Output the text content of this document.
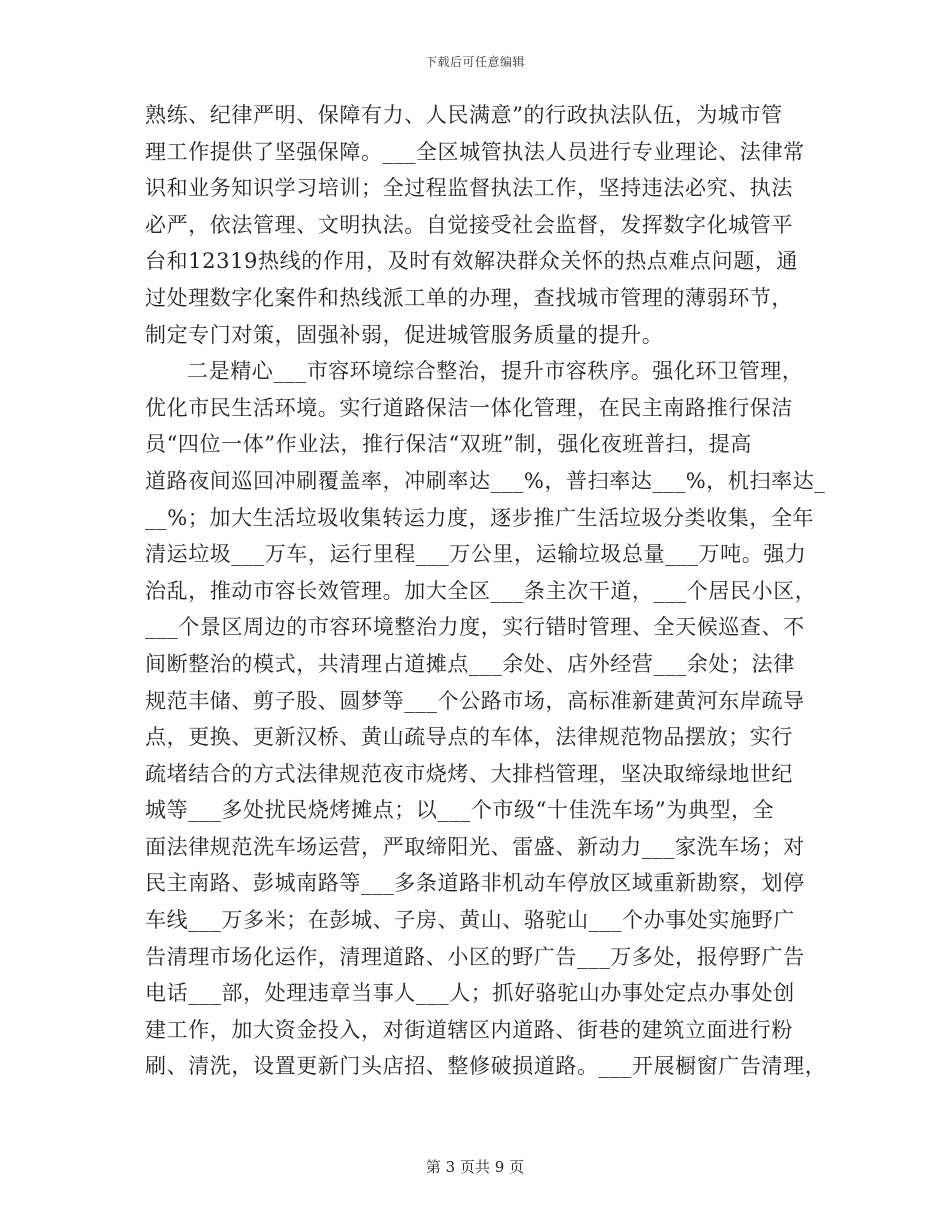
下载后可任意编辑
熟练、纪律严明、保障有力、人民满意”的行政执法队伍，为城市管
理工作提供了坚强保障。___全区城管执法人员进行专业理论、法律常
识和业务知识学习培训；全过程监督执法工作，坚持违法必究、执法
必严，依法管理、文明执法。自觉接受社会监督，发挥数字化城管平
台和12319热线的作用，及时有效解决群众关怀的热点难点问题，通
过处理数字化案件和热线派工单的办理，查找城市管理的薄弱环节，
制定专门对策，固强补弱，促进城管服务质量的提升。
二是精心___市容环境综合整治，提升市容秩序。强化环卫管理，
优化市民生活环境。实行道路保洁一体化管理，在民主南路推行保洁
员“四位一体”作业法，推行保洁“双班”制，强化夜班普扫，提高
道路夜间巡回冲刷覆盖率，冲刷率达___%，普扫率达___%，机扫率达_
__%；加大生活垃圾收集转运力度，逐步推广生活垃圾分类收集，全年
清运垃圾___万车，运行里程___万公里，运输垃圾总量___万吨。强力
治乱，推动市容长效管理。加大全区___条主次干道，___个居民小区，
___个景区周边的市容环境整治力度，实行错时管理、全天候巡查、不
间断整治的模式，共清理占道摊点___余处、店外经营___余处；法律
规范丰储、剪子股、圆梦等___个公路市场，高标准新建黄河东岸疏导
点，更换、更新汉桥、黄山疏导点的车体，法律规范物品摆放；实行
疏堵结合的方式法律规范夜市烧烤、大排档管理，坚决取缔绿地世纪
城等___多处扰民烧烤摊点；以___个市级“十佳洗车场”为典型，全
面法律规范洗车场运营，严取缔阳光、雷盛、新动力___家洗车场；对
民主南路、彭城南路等___多条道路非机动车停放区域重新勘察，划停
车线___万多米；在彭城、子房、黄山、骆驼山___个办事处实施野广
告清理市场化运作，清理道路、小区的野广告___万多处，报停野广告
电话___部，处理违章当事人___人；抓好骆驼山办事处定点办事处创
建工作，加大资金投入，对街道辖区内道路、街巷的建筑立面进行粉
刷、清洗，设置更新门头店招、整修破损道路。___开展橱窗广告清理，
第 3 页共 9 页
